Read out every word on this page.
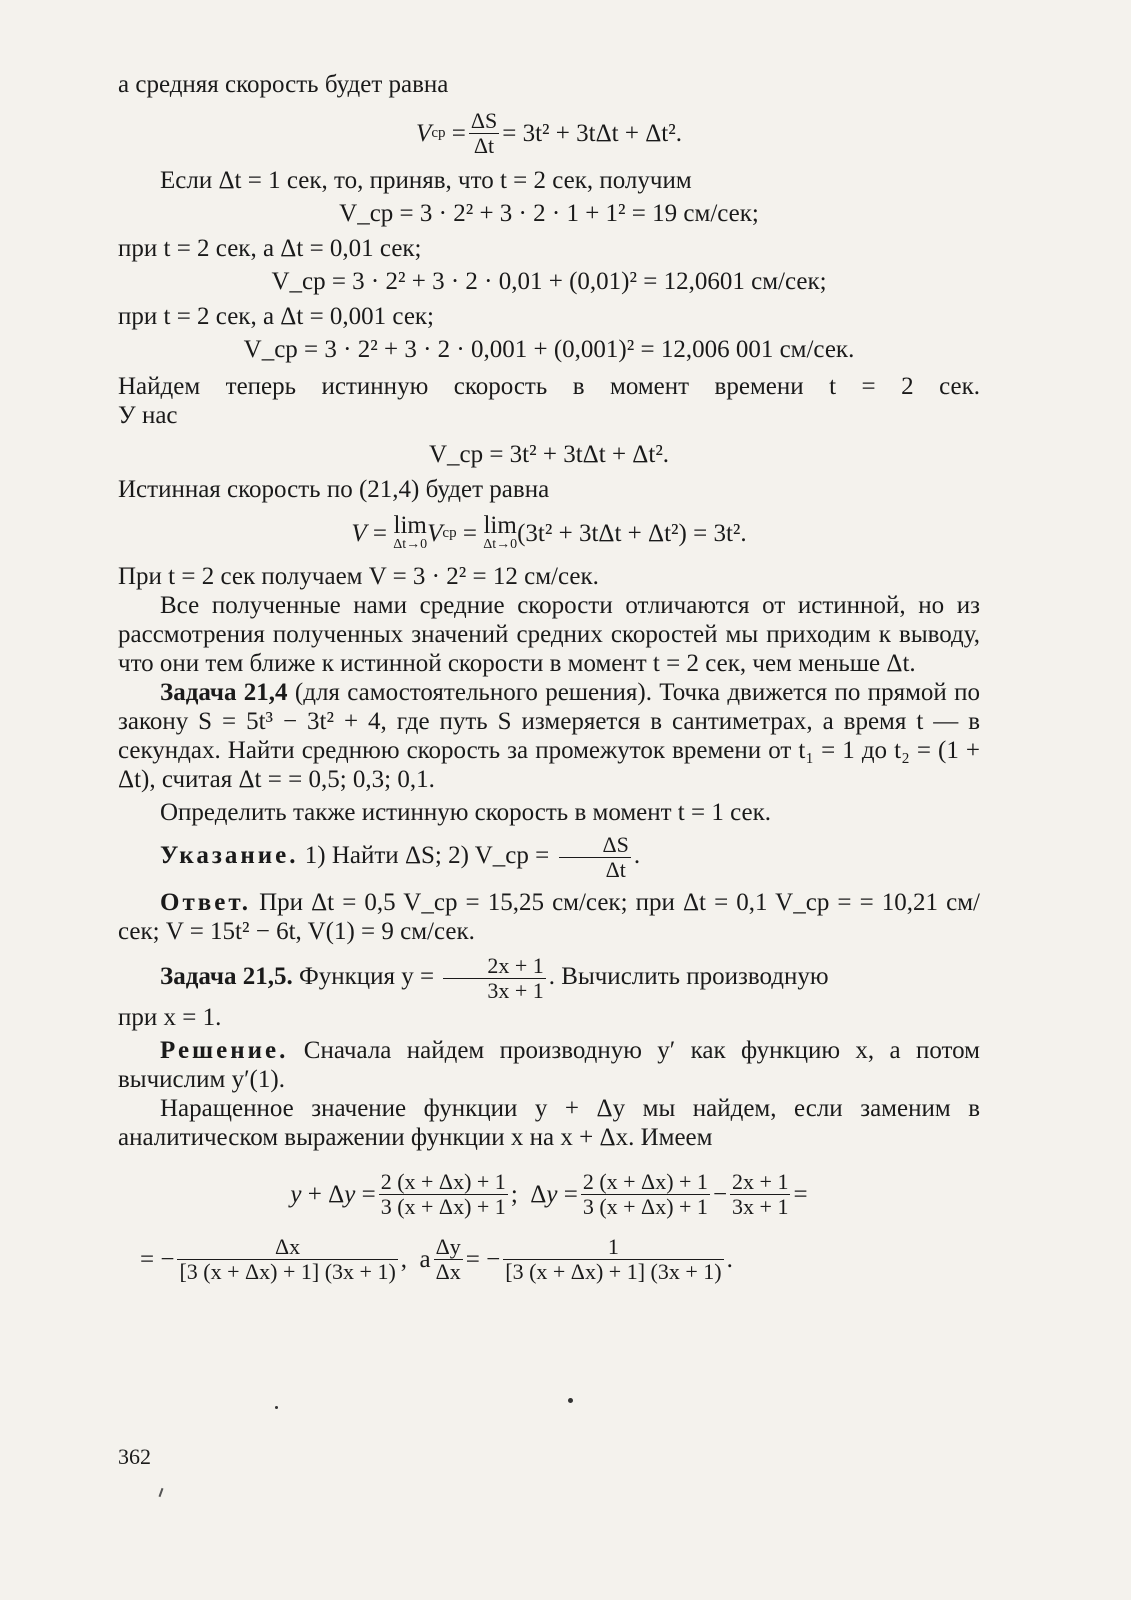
а средняя скорость будет равна

V ср = $\frac{\Delta S}{\Delta t} = 3t^2 + 3t\Delta t + \Delta t^2$.

Если Δt = 1 сек, то, приняв, что t = 2 сек, получим

V_ср = 3 · 2² + 3 · 2 · 1 + 1² = 19 см/сек;

при t = 2 сек, а Δt = 0,01 сек;

V_ср = 3 · 2² + 3 · 2 · 0,01 + (0,01)² = 12,0601 см/сек;

при t = 2 сек, а Δt = 0,001 сек;

V_ср = 3 · 2² + 3 · 2 · 0,001 + (0,001)² = 12,006 001 см/сек.

Найдем теперь истинную скорость в момент времени t = 2 сек.

У нас

V_ср = 3t² + 3tΔt + Δt².

Истинная скорость по (21,4) будет равна

V = lim
Δt→0 V ср = lim
Δt→0 (3t² + 3tΔt + Δt²) = 3t².

При t = 2 сек получаем V = 3 · 2² = 12 см/сек.

Все полученные нами средние скорости отличаются от истинной, но из рассмотрения полученных значений средних скоростей мы приходим к выводу, что они тем ближе к истинной скорости в момент t = 2 сек, чем меньше Δt.

Задача 21,4 (для самостоятельного решения). Точка движется по прямой по закону S = 5t³ − 3t² + 4, где путь S измеряется в сантиметрах, а время t — в секундах. Найти среднюю скорость за промежуток времени от t₁ = 1 до t₂ = (1 + Δt), считая Δt = = 0,5; 0,3; 0,1.

Определить также истинную скорость в момент t = 1 сек.

Указание. 1) Найти ΔS; 2) V_ср = $\frac{\Delta S}{\Delta t}$ .

Ответ. При Δt = 0,5 V_ср = 15,25 см/сек; при Δt = 0,1 V_ср = = 10,21 см/сек; V = 15t² − 6t, V(1) = 9 см/сек.

Задача 21,5. Функция $y = \frac{2x + 1}{3x + 1}$ . Вычислить производную

при x = 1.

Решение. Сначала найдем производную y′ как функцию x, а потом вычислим y′(1).

Наращенное значение функции y + Δy мы найдем, если заменим в аналитическом выражении функции x на x + Δx. Имеем

y + Δ $y = \frac{2 (x + \Delta x) + 1}{3 (x + \Delta x) + 1}$ ;  Δ $y = \frac{2 (x + \Delta x) + 1}{3 (x + \Delta x) + 1} - \frac{2x + 1}{3x + 1}$ =
= − $\frac{\Delta x}{[3 (x + \Delta x) + 1] (3x + 1)}$ ,  а $\frac{\Delta y}{\Delta x}$ = − $\frac{1}{[3 (x + \Delta x) + 1] (3x + 1)}$ .
362
